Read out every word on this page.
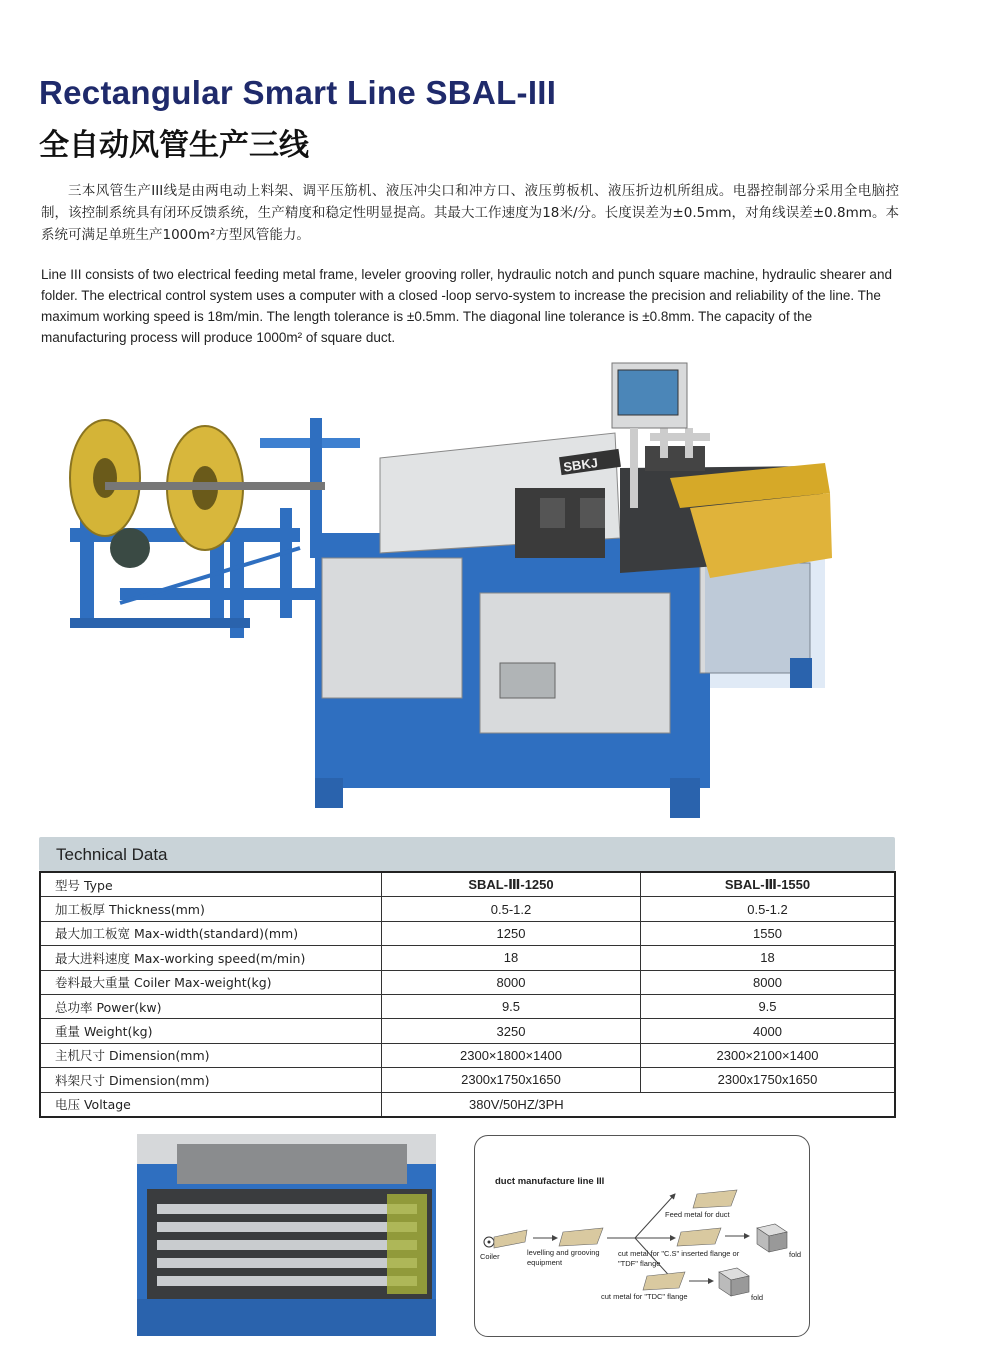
Rectangular Smart Line SBAL-III
全自动风管生产三线

三本风管生产III线是由两电动上料架、调平压筋机、液压冲尖口和冲方口、液压剪板机、液压折边机所组成。电器控制部分采用全电脑控制，该控制系统具有闭环反馈系统，生产精度和稳定性明显提高。其最大工作速度为18米/分。长度误差为±0.5mm，对角线误差±0.8mm。本系统可满足单班生产1000m²方型风管能力。

Line III consists of two electrical feeding metal frame, leveler grooving roller, hydraulic notch and punch square machine, hydraulic shearer and folder. The electrical control system uses a computer with a closed -loop servo-system to increase the precision and reliability of the line. The maximum working speed is 18m/min. The length tolerance is ±0.5mm. The diagonal line tolerance is ±0.8mm. The capacity of the manufacturing process will produce 1000m² of square duct.

SBKJ
Technical Data
型号 Type	SBAL-Ⅲ-1250	SBAL-Ⅲ-1550
加工板厚 Thickness(mm)	0.5-1.2	0.5-1.2
最大加工板宽 Max-width(standard)(mm)	1250	1550
最大进料速度 Max-working speed(m/min)	18	18
卷料最大重量 Coiler Max-weight(kg)	8000	8000
总功率 Power(kw)	9.5	9.5
重量 Weight(kg)	3250	4000
主机尺寸 Dimension(mm)	2300×1800×1400	2300×2100×1400
料架尺寸 Dimension(mm)	2300x1750x1650	2300x1750x1650
电压 Voltage	380V/50HZ/3PH	
duct manufacture line III
Coiler	levelling and grooving equipment
Feed metal for duct
cut metal for "C.S" inserted flange or "TDF" flange
cut metal for "TDC" flange
fold
fold
